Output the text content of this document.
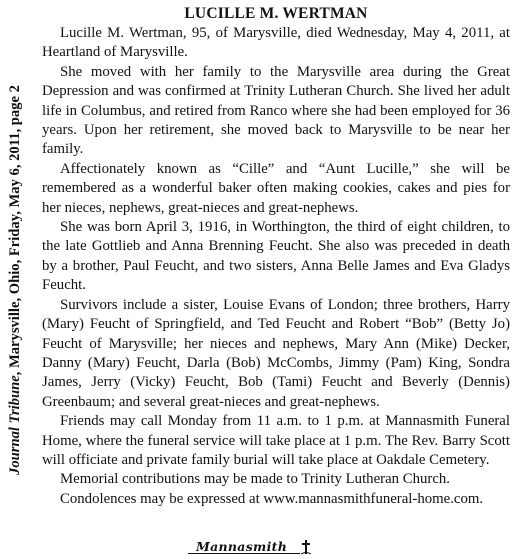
Journal Tribune, Marysville, Ohio, Friday, May 6, 2011, page 2
LUCILLE M. WERTMAN

Lucille M. Wertman, 95, of Marysville, died Wednesday, May 4, 2011, at Heartland of Marysville.

She moved with her family to the Marysville area during the Great Depression and was confirmed at Trinity Lutheran Church. She lived her adult life in Columbus, and retired from Ranco where she had been employed for 36 years. Upon her retirement, she moved back to Marysville to be near her family.

Affectionately known as “Cille” and “Aunt Lucille,” she will be remembered as a wonderful baker often making cookies, cakes and pies for her nieces, nephews, great-nieces and great-nephews.

She was born April 3, 1916, in Worthington, the third of eight children, to the late Gottlieb and Anna Brenning Feucht. She also was preceded in death by a brother, Paul Feucht, and two sisters, Anna Belle James and Eva Gladys Feucht.

Survivors include a sister, Louise Evans of London; three brothers, Harry (Mary) Feucht of Springfield, and Ted Feucht and Robert “Bob” (Betty Jo) Feucht of Marysville; her nieces and nephews, Mary Ann (Mike) Decker, Danny (Mary) Feucht, Darla (Bob) McCombs, Jimmy (Pam) King, Sondra James, Jerry (Vicky) Feucht, Bob (Tami) Feucht and Beverly (Dennis) Greenbaum; and several great-nieces and great-nephews.

Friends may call Monday from 11 a.m. to 1 p.m. at Mannasmith Funeral Home, where the funeral service will take place at 1 p.m. The Rev. Barry Scott will officiate and private family burial will take place at Oakdale Cemetery.

Memorial contributions may be made to Trinity Lutheran Church.

Condolences may be expressed at www.mannasmithfuneral-home.com.

Mannasmith
